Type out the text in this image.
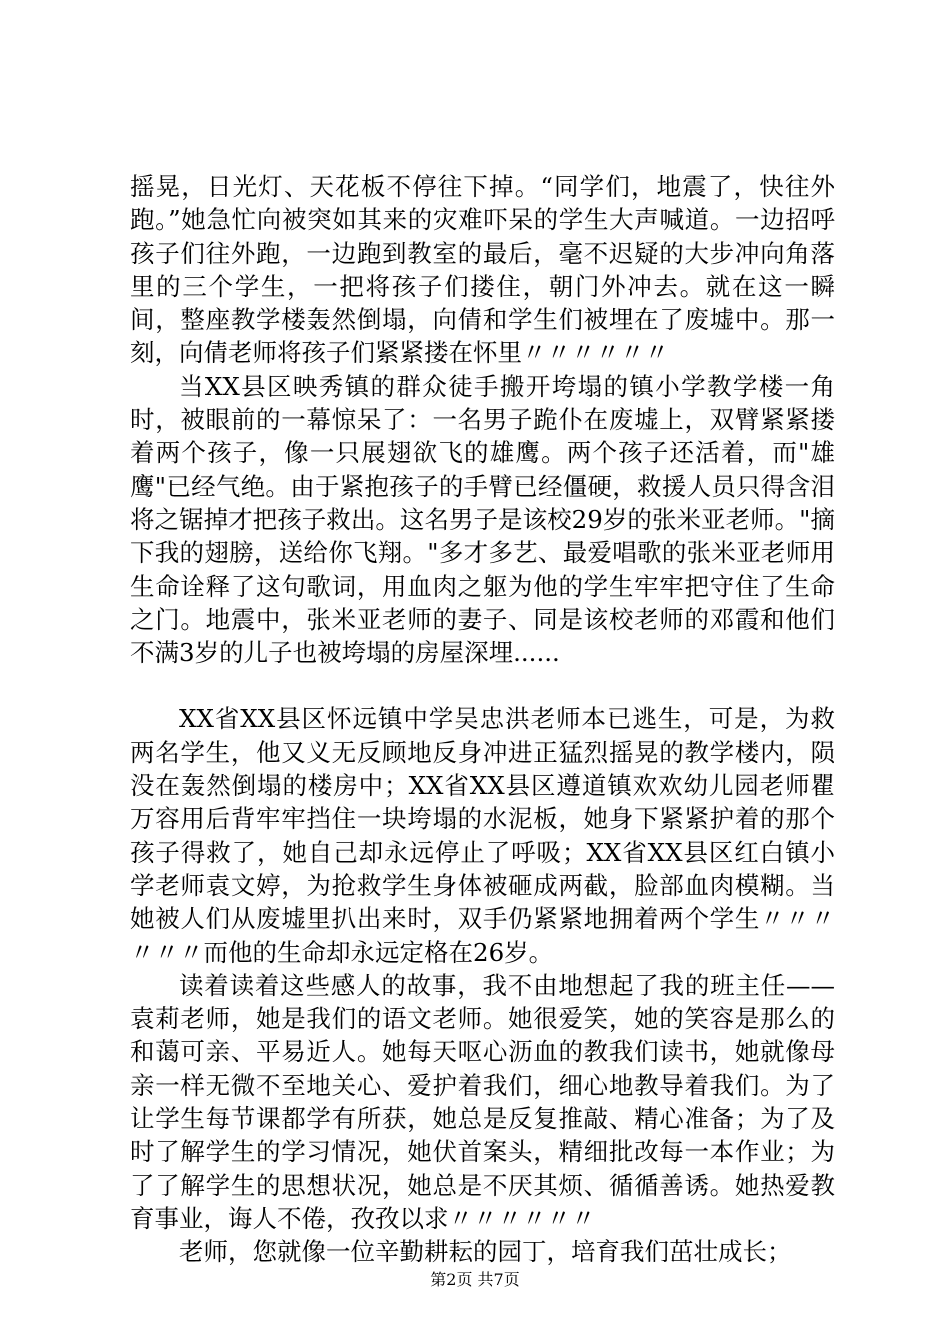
摇晃，日光灯、天花板不停往下掉。“同学们，地震了，快往外跑。”她急忙向被突如其来的灾难吓呆的学生大声喊道。一边招呼孩子们往外跑，一边跑到教室的最后，毫不迟疑的大步冲向角落里的三个学生，一把将孩子们搂住，朝门外冲去。就在这一瞬间，整座教学楼轰然倒塌，向倩和学生们被埋在了废墟中。那一刻，向倩老师将孩子们紧紧搂在怀里〃〃〃〃〃〃

当XX县区映秀镇的群众徒手搬开垮塌的镇小学教学楼一角时，被眼前的一幕惊呆了：一名男子跪仆在废墟上，双臂紧紧搂着两个孩子，像一只展翅欲飞的雄鹰。两个孩子还活着，而"雄鹰"已经气绝。由于紧抱孩子的手臂已经僵硬，救援人员只得含泪将之锯掉才把孩子救出。这名男子是该校29岁的张米亚老师。"摘下我的翅膀，送给你飞翔。"多才多艺、最爱唱歌的张米亚老师用生命诠释了这句歌词，用血肉之躯为他的学生牢牢把守住了生命之门。地震中，张米亚老师的妻子、同是该校老师的邓霞和他们不满3岁的儿子也被垮塌的房屋深埋......

XX省XX县区怀远镇中学吴忠洪老师本已逃生，可是，为救两名学生，他又义无反顾地反身冲进正猛烈摇晃的教学楼内，陨没在轰然倒塌的楼房中；XX省XX县区遵道镇欢欢幼儿园老师瞿万容用后背牢牢挡住一块垮塌的水泥板，她身下紧紧护着的那个孩子得救了，她自己却永远停止了呼吸；XX省XX县区红白镇小学老师袁文婷，为抢救学生身体被砸成两截，脸部血肉模糊。当她被人们从废墟里扒出来时，双手仍紧紧地拥着两个学生〃〃〃〃〃〃而他的生命却永远定格在26岁。

读着读着这些感人的故事，我不由地想起了我的班主任——袁莉老师，她是我们的语文老师。她很爱笑，她的笑容是那么的和蔼可亲、平易近人。她每天呕心沥血的教我们读书，她就像母亲一样无微不至地关心、爱护着我们，细心地教导着我们。为了让学生每节课都学有所获，她总是反复推敲、精心准备；为了及时了解学生的学习情况，她伏首案头，精细批改每一本作业；为了了解学生的思想状况，她总是不厌其烦、循循善诱。她热爱教育事业，诲人不倦，孜孜以求〃〃〃〃〃〃

老师，您就像一位辛勤耕耘的园丁，培育我们茁壮成长；

第2页 共7页
